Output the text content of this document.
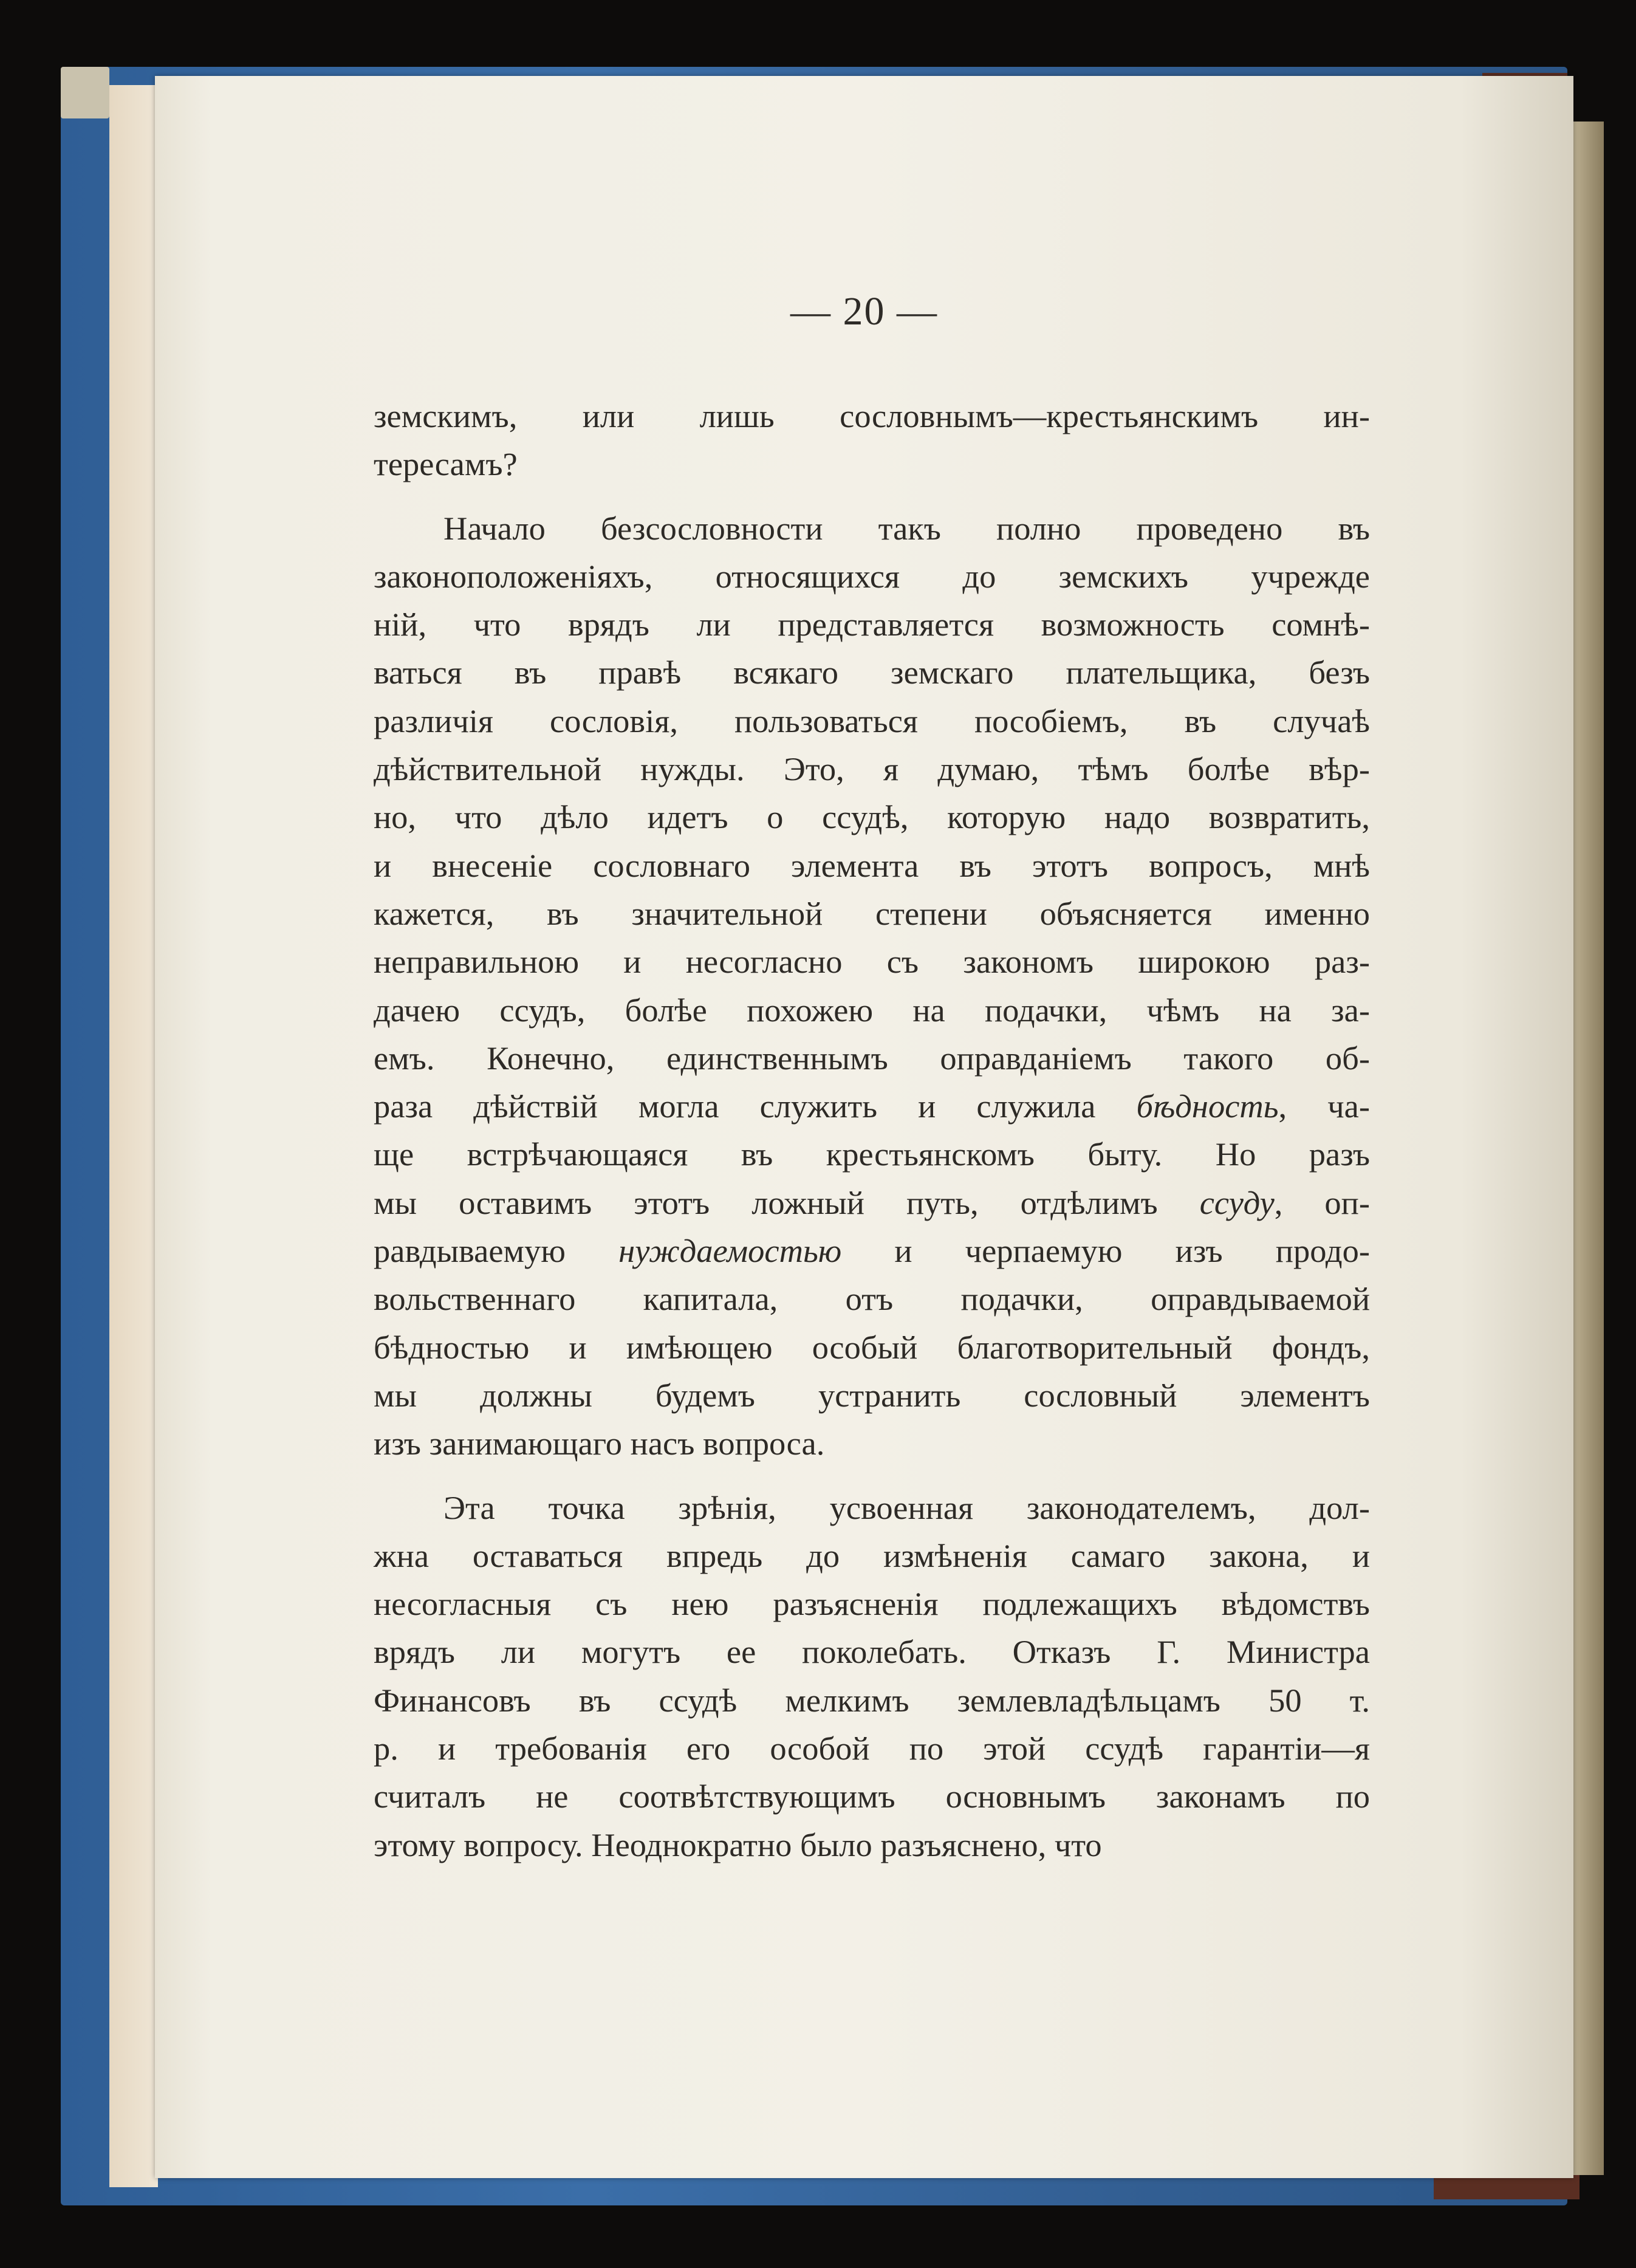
— 20 —
земскимъ, или лишь сословнымъ—крестьянскимъ ин-
тересамъ?
Начало безсословности такъ полно проведено въ
законоположеніяхъ, относящихся до земскихъ учрежде
ній, что врядъ ли представляется возможность сомнѣ-
ваться въ правѣ всякаго земскаго плательщика, безъ
различія сословія, пользоваться пособіемъ, въ случаѣ
дѣйствительной нужды. Это, я думаю, тѣмъ болѣе вѣр-
но, что дѣло идетъ о ссудѣ, которую надо возвратить,
и внесеніе сословнаго элемента въ этотъ вопросъ, мнѣ
кажется, въ значительной степени объясняется именно
неправильною и несогласно съ закономъ широкою раз-
дачею ссудъ, болѣе похожею на подачки, чѣмъ на за-
емъ. Конечно, единственнымъ оправданіемъ такого об-
раза дѣйствій могла служить и служила бѣдность, ча-
ще встрѣчающаяся въ крестьянскомъ быту. Но разъ
мы оставимъ этотъ ложный путь, отдѣлимъ ссуду, оп-
равдываемую нуждаемостью и черпаемую изъ продо-
вольственнаго капитала, отъ подачки, оправдываемой
бѣдностью и имѣющею особый благотворительный фондъ,
мы должны будемъ устранить сословный элементъ
изъ занимающаго насъ вопроса.
Эта точка зрѣнія, усвоенная законодателемъ, дол-
жна оставаться впредь до измѣненія самаго закона, и
несогласныя съ нею разъясненія подлежащихъ вѣдомствъ
врядъ ли могутъ ее поколебать. Отказъ Г. Министра
Финансовъ въ ссудѣ мелкимъ землевладѣльцамъ 50 т.
р. и требованія его особой по этой ссудѣ гарантіи—я
считалъ не соотвѣтствующимъ основнымъ законамъ по
этому вопросу. Неоднократно было разъяснено, что
